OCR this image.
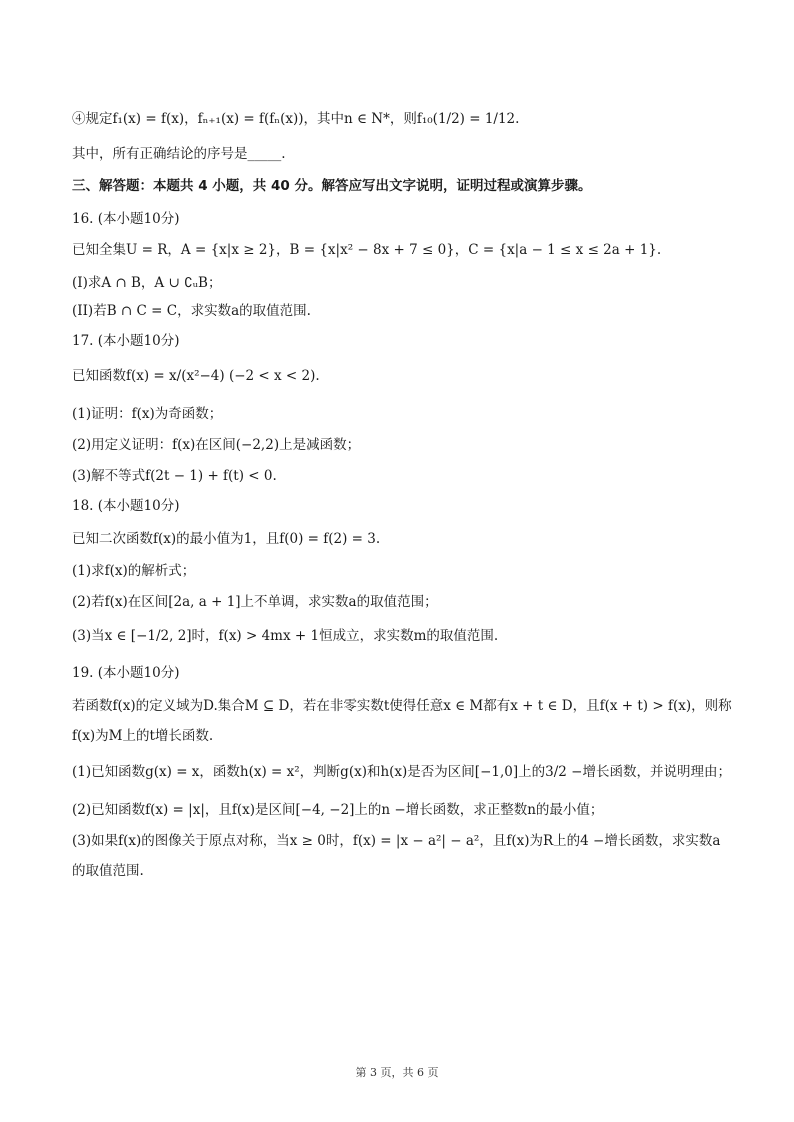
④规定f₁(x) = f(x)，fₙ₊₁(x) = f(fₙ(x))，其中n ∈ N*，则f₁₀(1/2) = 1/12.
其中，所有正确结论的序号是_____.
三、解答题：本题共 4 小题，共 40 分。解答应写出文字说明，证明过程或演算步骤。
16. (本小题10分)
已知全集U = R，A = {x|x ≥ 2}，B = {x|x² − 8x + 7 ≤ 0}，C = {x|a − 1 ≤ x ≤ 2a + 1}.
(I)求A ∩ B，A ∪ ∁ᵤB；
(II)若B ∩ C = C，求实数a的取值范围.
17. (本小题10分)
已知函数f(x) = x/(x²−4) (−2 < x < 2).
(1)证明：f(x)为奇函数；
(2)用定义证明：f(x)在区间(−2,2)上是减函数；
(3)解不等式f(2t − 1) + f(t) < 0.
18. (本小题10分)
已知二次函数f(x)的最小值为1，且f(0) = f(2) = 3.
(1)求f(x)的解析式；
(2)若f(x)在区间[2a, a + 1]上不单调，求实数a的取值范围；
(3)当x ∈ [−1/2, 2]时，f(x) > 4mx + 1恒成立，求实数m的取值范围.
19. (本小题10分)
若函数f(x)的定义域为D.集合M ⊆ D，若在非零实数t使得任意x ∈ M都有x + t ∈ D，且f(x + t) > f(x)，则称f(x)为M上的t增长函数.
(1)已知函数g(x) = x，函数h(x) = x²，判断g(x)和h(x)是否为区间[−1,0]上的3/2 −增长函数，并说明理由；
(2)已知函数f(x) = |x|，且f(x)是区间[−4, −2]上的n −增长函数，求正整数n的最小值；
(3)如果f(x)的图像关于原点对称，当x ≥ 0时，f(x) = |x − a²| − a²，且f(x)为R上的4 −增长函数，求实数a的取值范围.
第 3 页，共 6 页
